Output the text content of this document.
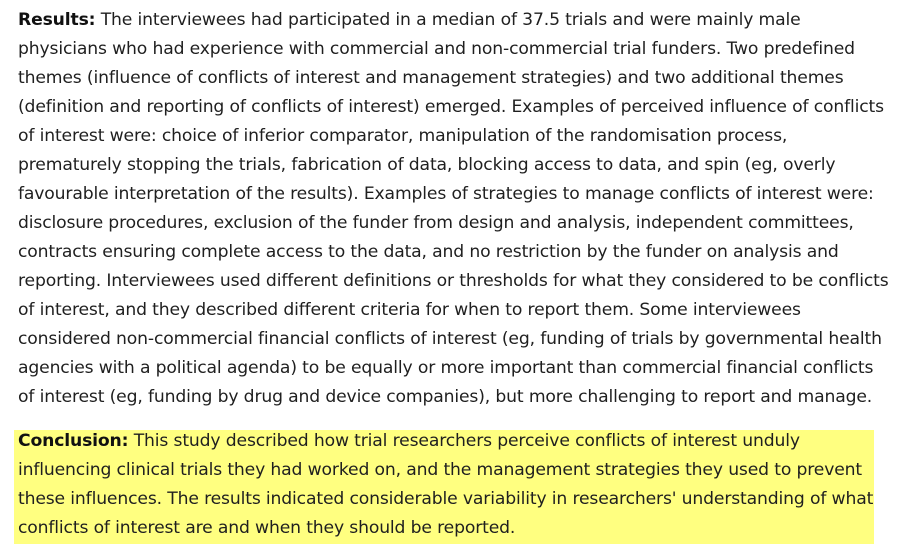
Results: The interviewees had participated in a median of 37.5 trials and were mainly male physicians who had experience with commercial and non-commercial trial funders. Two predefined themes (influence of conflicts of interest and management strategies) and two additional themes (definition and reporting of conflicts of interest) emerged. Examples of perceived influence of conflicts of interest were: choice of inferior comparator, manipulation of the randomisation process, prematurely stopping the trials, fabrication of data, blocking access to data, and spin (eg, overly favourable interpretation of the results). Examples of strategies to manage conflicts of interest were: disclosure procedures, exclusion of the funder from design and analysis, independent committees, contracts ensuring complete access to the data, and no restriction by the funder on analysis and reporting. Interviewees used different definitions or thresholds for what they considered to be conflicts of interest, and they described different criteria for when to report them. Some interviewees considered non-commercial financial conflicts of interest (eg, funding of trials by governmental health agencies with a political agenda) to be equally or more important than commercial financial conflicts of interest (eg, funding by drug and device companies), but more challenging to report and manage.
Conclusion: This study described how trial researchers perceive conflicts of interest unduly influencing clinical trials they had worked on, and the management strategies they used to prevent these influences. The results indicated considerable variability in researchers' understanding of what conflicts of interest are and when they should be reported.
